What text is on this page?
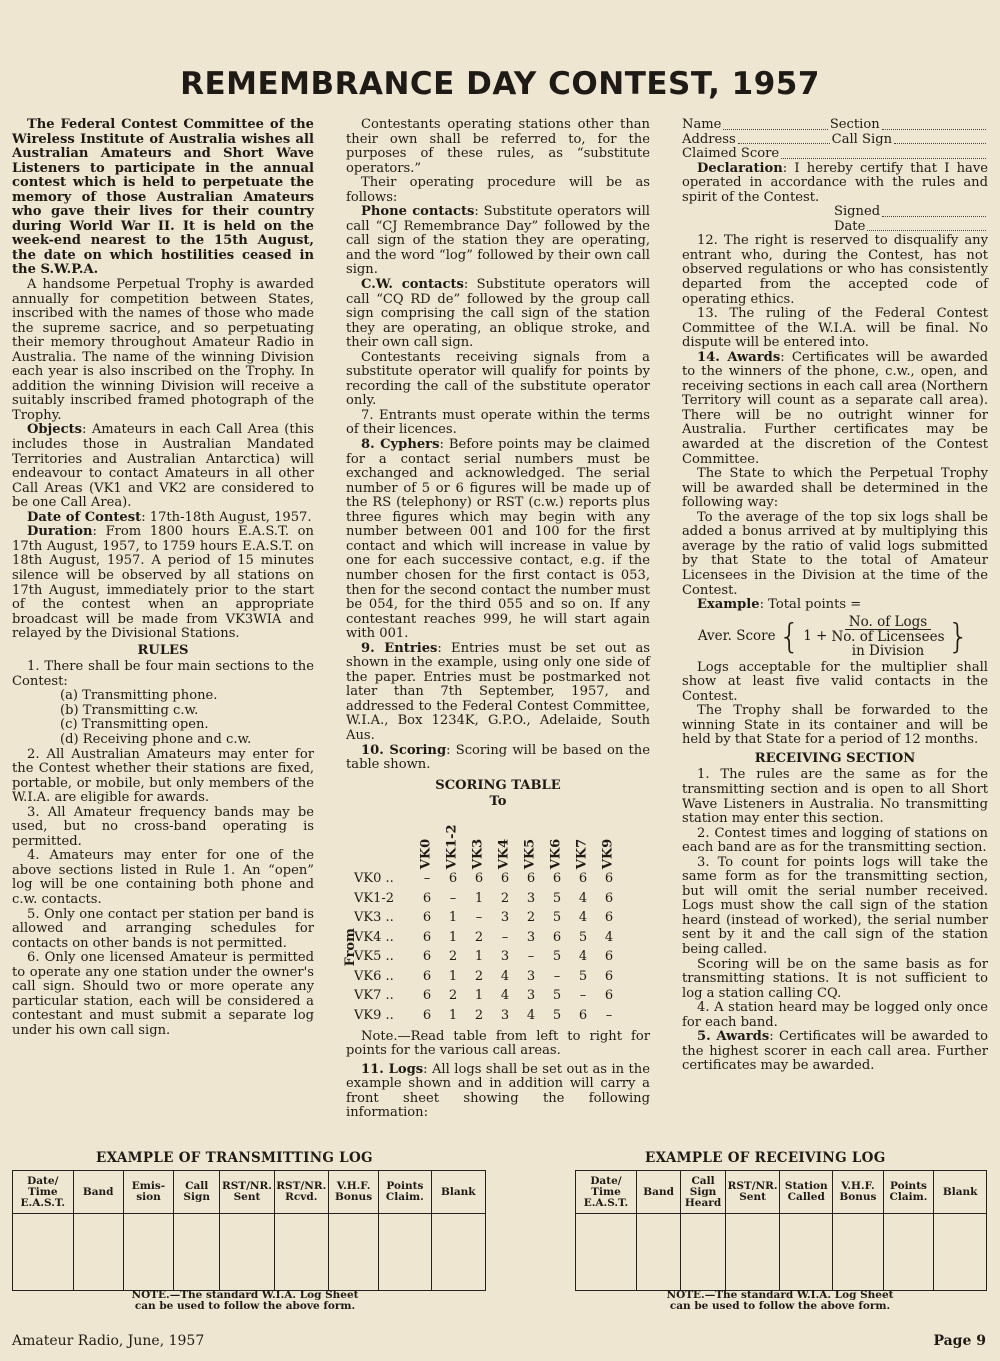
REMEMBRANCE DAY CONTEST, 1957

The Federal Contest Committee of the Wireless Institute of Australia wishes all Australian Amateurs and Short Wave Listeners to participate in the annual contest which is held to perpetuate the memory of those Australian Amateurs who gave their lives for their country during World War II. It is held on the week-end nearest to the 15th August, the date on which hostilities ceased in the S.W.P.A.

A handsome Perpetual Trophy is awarded annually for competition between States, inscribed with the names of those who made the supreme sacrice, and so perpetuating their memory throughout Amateur Radio in Australia. The name of the winning Division each year is also inscribed on the Trophy. In addition the winning Division will receive a suitably inscribed framed photograph of the Trophy.

Objects: Amateurs in each Call Area (this includes those in Australian Mandated Territories and Australian Antarctica) will endeavour to contact Amateurs in all other Call Areas (VK1 and VK2 are considered to be one Call Area).

Date of Contest: 17th-18th August, 1957.

Duration: From 1800 hours E.A.S.T. on 17th August, 1957, to 1759 hours E.A.S.T. on 18th August, 1957. A period of 15 minutes silence will be observed by all stations on 17th August, immediately prior to the start of the contest when an appropriate broadcast will be made from VK3WIA and relayed by the Divisional Stations.

RULES

1. There shall be four main sections to the Contest:

(a) Transmitting phone.

(b) Transmitting c.w.

(c) Transmitting open.

(d) Receiving phone and c.w.

2. All Australian Amateurs may enter for the Contest whether their stations are fixed, portable, or mobile, but only members of the W.I.A. are eligible for awards.

3. All Amateur frequency bands may be used, but no cross-band operating is permitted.

4. Amateurs may enter for one of the above sections listed in Rule 1. An “open” log will be one containing both phone and c.w. contacts.

5. Only one contact per station per band is allowed and arranging schedules for contacts on other bands is not permitted.

6. Only one licensed Amateur is permitted to operate any one station under the owner's call sign. Should two or more operate any particular station, each will be considered a contestant and must submit a separate log under his own call sign.

Contestants operating stations other than their own shall be referred to, for the purposes of these rules, as “substitute operators.”

Their operating procedure will be as follows:

Phone contacts: Substitute operators will call “CJ Remembrance Day” followed by the call sign of the station they are operating, and the word “log” followed by their own call sign.

C.W. contacts: Substitute operators will call “CQ RD de” followed by the group call sign comprising the call sign of the station they are operating, an oblique stroke, and their own call sign.

Contestants receiving signals from a substitute operator will qualify for points by recording the call of the substitute operator only.

7. Entrants must operate within the terms of their licences.

8. Cyphers: Before points may be claimed for a contact serial numbers must be exchanged and acknowledged. The serial number of 5 or 6 figures will be made up of the RS (telephony) or RST (c.w.) reports plus three figures which may begin with any number between 001 and 100 for the first contact and which will increase in value by one for each successive contact, e.g. if the number chosen for the first contact is 053, then for the second contact the number must be 054, for the third 055 and so on. If any contestant reaches 999, he will start again with 001.

9. Entries: Entries must be set out as shown in the example, using only one side of the paper. Entries must be postmarked not later than 7th September, 1957, and addressed to the Federal Contest Committee, W.I.A., Box 1234K, G.P.O., Adelaide, South Aus.

10. Scoring: Scoring will be based on the table shown.

SCORING TABLE

To

From
	VK0	VK1-2	VK3	VK4	VK5	VK6	VK7	VK9
VK0 ..	–	6	6	6	6	6	6	6
VK1-2	6	–	1	2	3	5	4	6
VK3 ..	6	1	–	3	2	5	4	6
VK4 ..	6	1	2	–	3	6	5	4
VK5 ..	6	2	1	3	–	5	4	6
VK6 ..	6	1	2	4	3	–	5	6
VK7 ..	6	2	1	4	3	5	–	6
VK9 ..	6	1	2	3	4	5	6	–

Note.—Read table from left to right for points for the various call areas.

11. Logs: All logs shall be set out as in the example shown and in addition will carry a front sheet showing the following information:

Name	Section
Address	Call Sign
Claimed Score

Declaration: I hereby certify that I have operated in accordance with the rules and spirit of the Contest.

Signed
Date

12. The right is reserved to disqualify any entrant who, during the Contest, has not observed regulations or who has consistently departed from the accepted code of operating ethics.

13. The ruling of the Federal Contest Committee of the W.I.A. will be final. No dispute will be entered into.

14. Awards: Certificates will be awarded to the winners of the phone, c.w., open, and receiving sections in each call area (Northern Territory will count as a separate call area). There will be no outright winner for Australia. Further certificates may be awarded at the discretion of the Contest Committee.

The State to which the Perpetual Trophy will be awarded shall be determined in the following way:

To the average of the top six logs shall be added a bonus arrived at by multiplying this average by the ratio of valid logs submitted by that State to the total of Amateur Licensees in the Division at the time of the Contest.

Example: Total points =

Aver. Score { 1 +
No. of Logs
No. of Licensees
in Division }

Logs acceptable for the multiplier shall show at least five valid contacts in the Contest.

The Trophy shall be forwarded to the winning State in its container and will be held by that State for a period of 12 months.

RECEIVING SECTION

1. The rules are the same as for the transmitting section and is open to all Short Wave Listeners in Australia. No transmitting station may enter this section.

2. Contest times and logging of stations on each band are as for the transmitting section.

3. To count for points logs will take the same form as for the transmitting section, but will omit the serial number received. Logs must show the call sign of the station heard (instead of worked), the serial number sent by it and the call sign of the station being called.

Scoring will be on the same basis as for transmitting stations. It is not sufficient to log a station calling CQ.

4. A station heard may be logged only once for each band.

5. Awards: Certificates will be awarded to the highest scorer in each call area. Further certificates may be awarded.

EXAMPLE OF TRANSMITTING LOG
Date/ Time E.A.S.T.	Band	Emis- sion	Call Sign	RST/NR. Sent	RST/NR. Rcvd.	V.H.F. Bonus	Points Claim.	Blank

NOTE.—The standard W.I.A. Log Sheet
can be used to follow the above form.
EXAMPLE OF RECEIVING LOG
Date/ Time E.A.S.T.	Band	Call Sign Heard	RST/NR. Sent	Station Called	V.H.F. Bonus	Points Claim.	Blank

NOTE.—The standard W.I.A. Log Sheet
can be used to follow the above form.
Amateur Radio, June, 1957	Page 9
